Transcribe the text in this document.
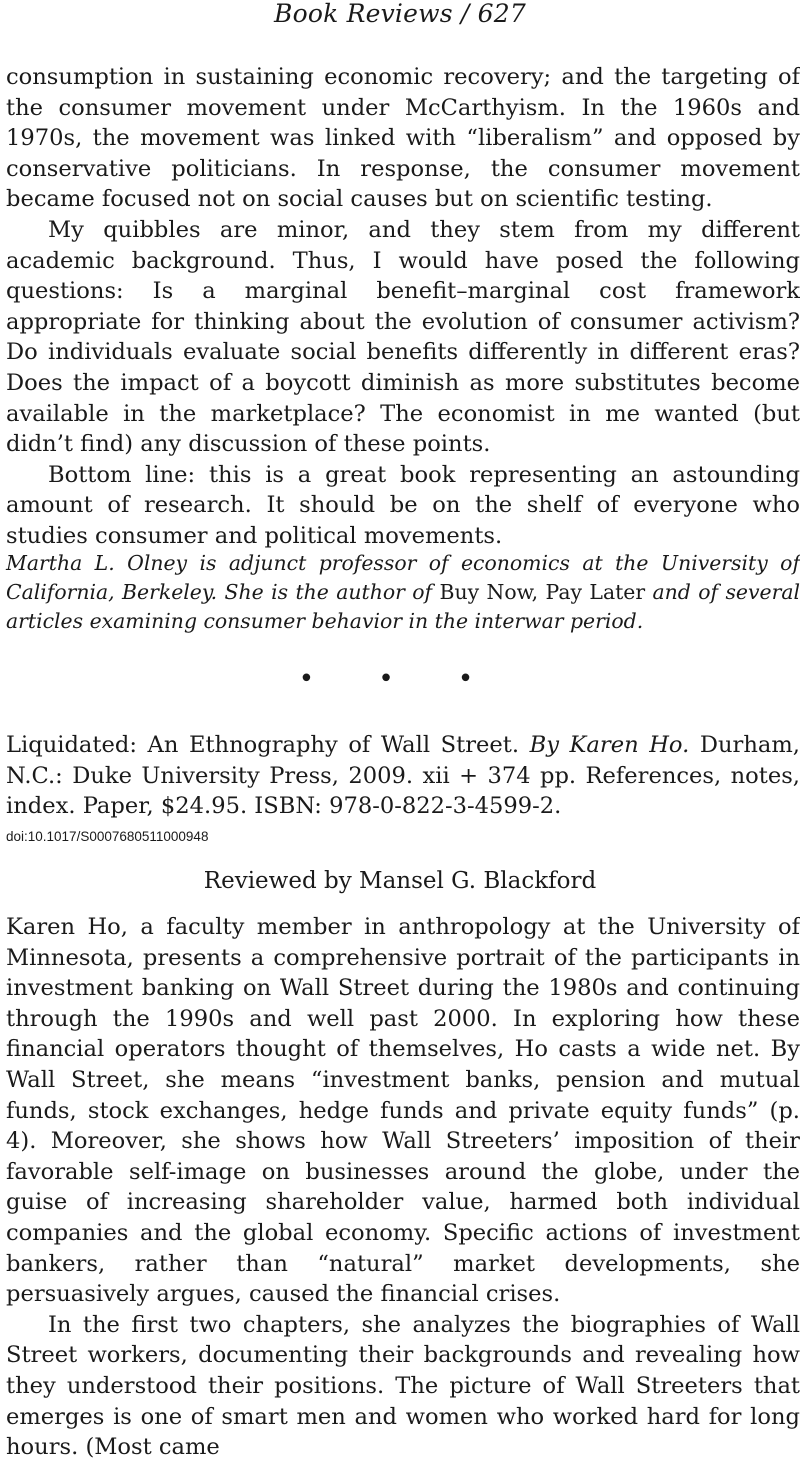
Book Reviews / 627

consumption in sustaining economic recovery; and the targeting of the consumer movement under McCarthyism. In the 1960s and 1970s, the movement was linked with “liberalism” and opposed by conservative politicians. In response, the consumer movement became focused not on social causes but on scientific testing.

My quibbles are minor, and they stem from my different academic background. Thus, I would have posed the following questions: Is a marginal benefit–marginal cost framework appropriate for thinking about the evolution of consumer activism? Do individuals evaluate social benefits differently in different eras? Does the impact of a boycott diminish as more substitutes become available in the marketplace? The economist in me wanted (but didn’t find) any discussion of these points.

Bottom line: this is a great book representing an astounding amount of research. It should be on the shelf of everyone who studies consumer and political movements.

Martha L. Olney is adjunct professor of economics at the University of California, Berkeley. She is the author of Buy Now, Pay Later and of several articles examining consumer behavior in the interwar period.

• • •

Liquidated: An Ethnography of Wall Street. By Karen Ho. Durham, N.C.: Duke University Press, 2009. xii + 374 pp. References, notes, index. Paper, $24.95. ISBN: 978-0-822-3-4599-2.

doi:10.1017/S0007680511000948
Reviewed by Mansel G. Blackford

Karen Ho, a faculty member in anthropology at the University of Minnesota, presents a comprehensive portrait of the participants in investment banking on Wall Street during the 1980s and continuing through the 1990s and well past 2000. In exploring how these financial operators thought of themselves, Ho casts a wide net. By Wall Street, she means “investment banks, pension and mutual funds, stock exchanges, hedge funds and private equity funds” (p. 4). Moreover, she shows how Wall Streeters’ imposition of their favorable self-image on businesses around the globe, under the guise of increasing shareholder value, harmed both individual companies and the global economy. Specific actions of investment bankers, rather than “natural” market developments, she persuasively argues, caused the financial crises.

In the first two chapters, she analyzes the biographies of Wall Street workers, documenting their backgrounds and revealing how they understood their positions. The picture of Wall Streeters that emerges is one of smart men and women who worked hard for long hours. (Most came
